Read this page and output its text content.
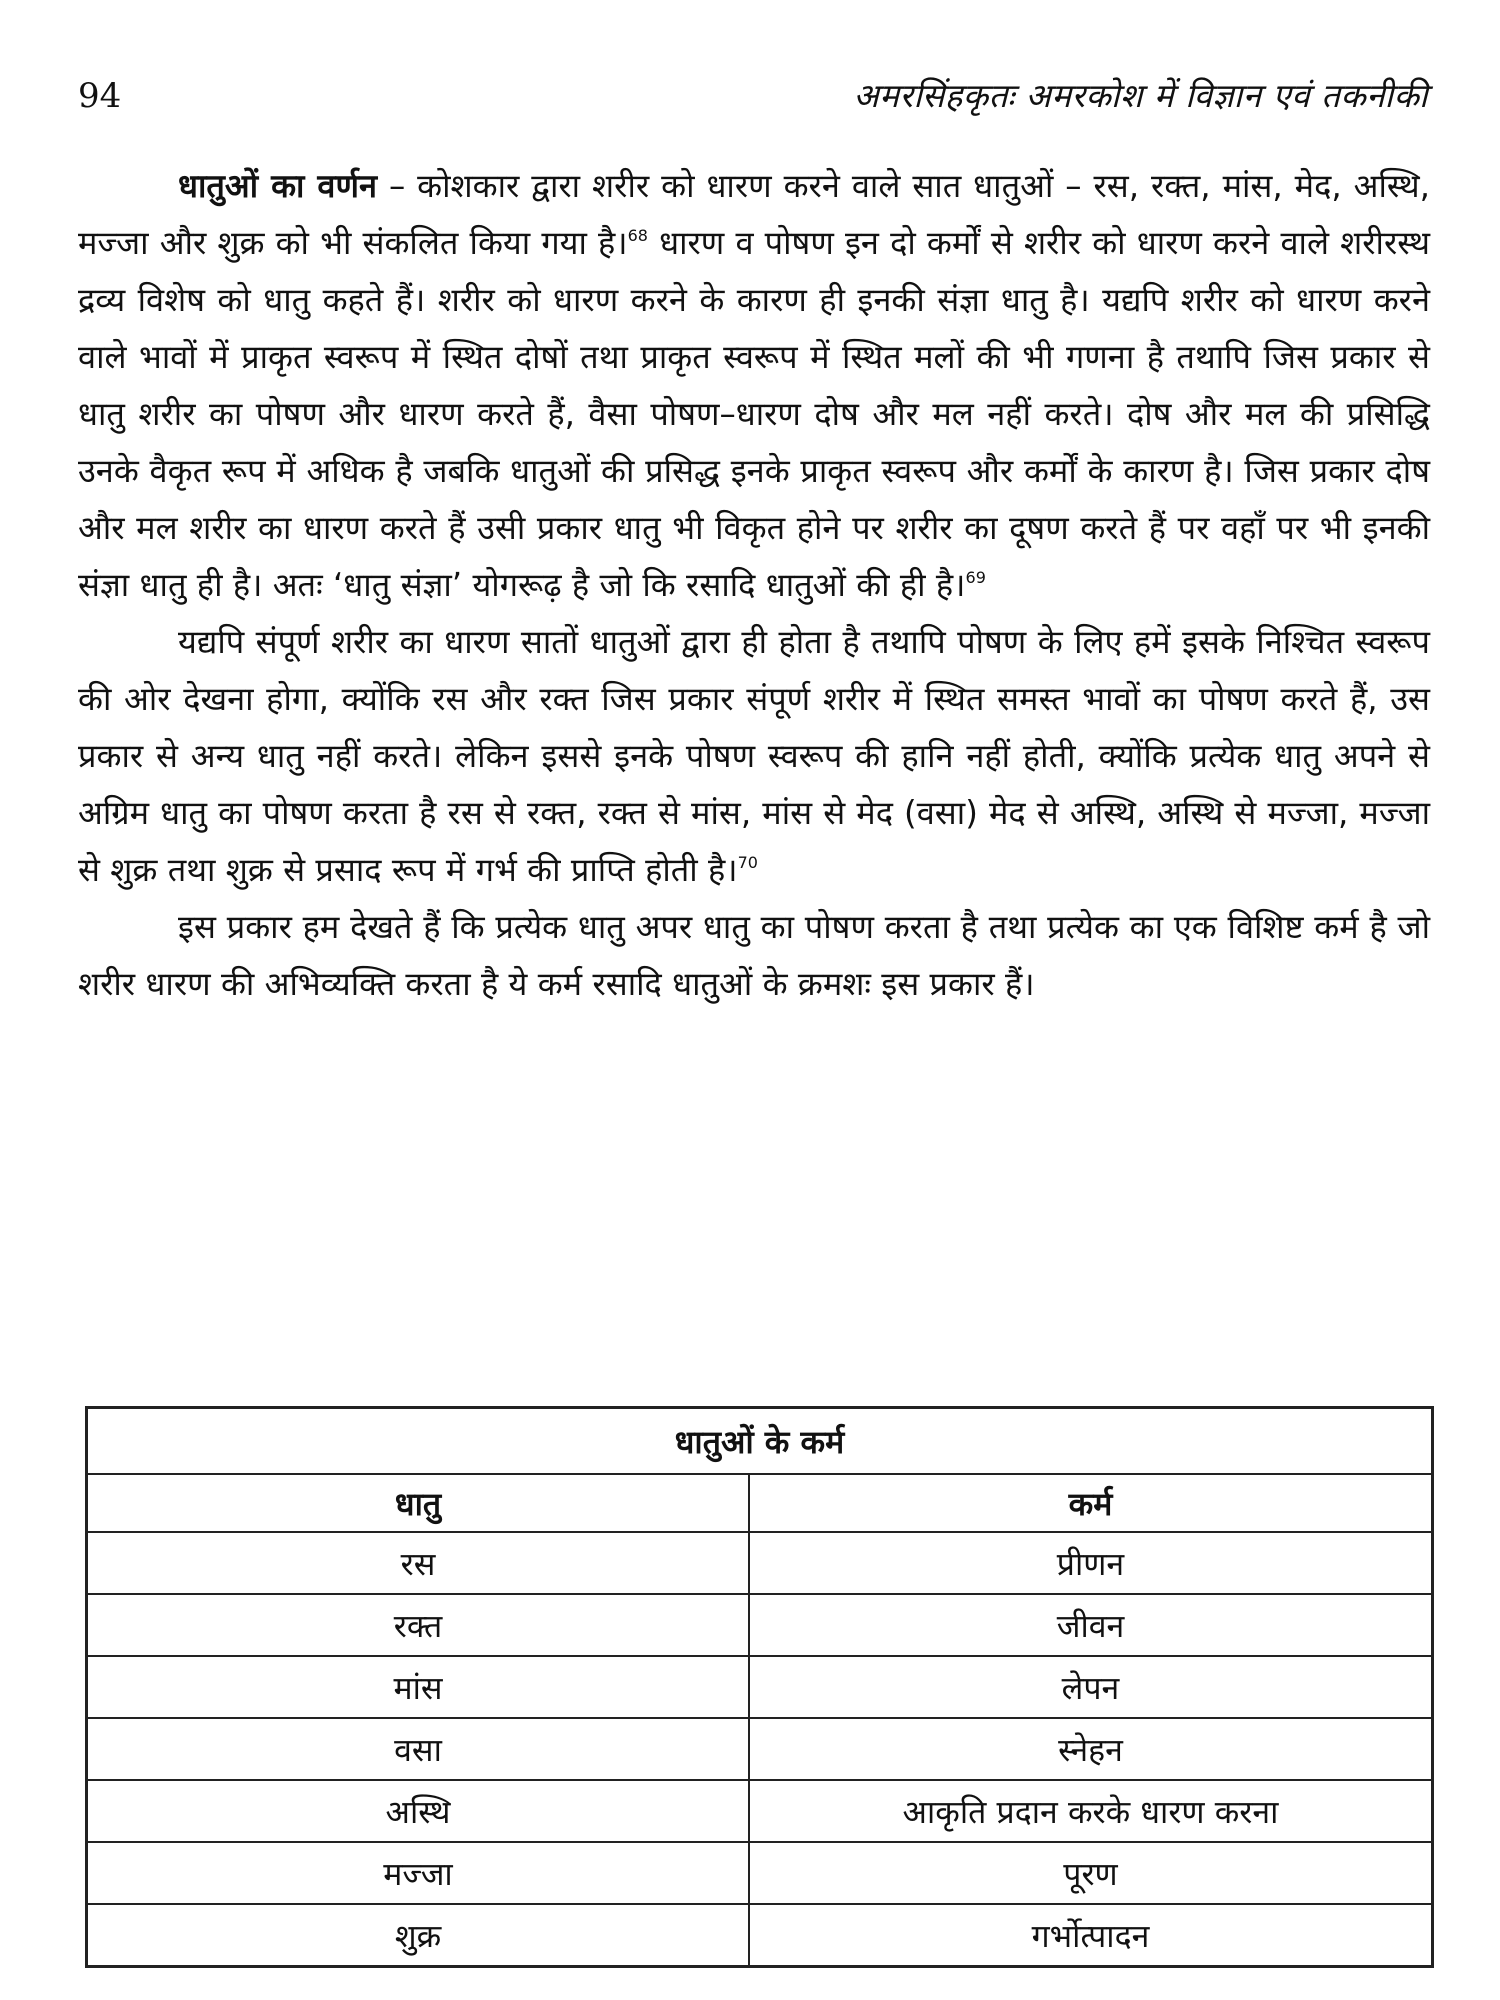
94	अमरसिंहकृतः अमरकोश में विज्ञान एवं तकनीकी

धातुओं का वर्णन – कोशकार द्वारा शरीर को धारण करने वाले सात धातुओं – रस, रक्त, मांस, मेद, अस्थि, मज्जा और शुक्र को भी संकलित किया गया है।$^{68}$ धारण व पोषण इन दो कर्मों से शरीर को धारण करने वाले शरीरस्थ द्रव्य विशेष को धातु कहते हैं। शरीर को धारण करने के कारण ही इनकी संज्ञा धातु है। यद्यपि शरीर को धारण करने वाले भावों में प्राकृत स्वरूप में स्थित दोषों तथा प्राकृत स्वरूप में स्थित मलों की भी गणना है तथापि जिस प्रकार से धातु शरीर का पोषण और धारण करते हैं, वैसा पोषण–धारण दोष और मल नहीं करते। दोष और मल की प्रसिद्धि उनके वैकृत रूप में अधिक है जबकि धातुओं की प्रसिद्ध इनके प्राकृत स्वरूप और कर्मों के कारण है। जिस प्रकार दोष और मल शरीर का धारण करते हैं उसी प्रकार धातु भी विकृत होने पर शरीर का दूषण करते हैं पर वहाँ पर भी इनकी संज्ञा धातु ही है। अतः ‘धातु संज्ञा’ योगरूढ़ है जो कि रसादि धातुओं की ही है।$^{69}$

यद्यपि संपूर्ण शरीर का धारण सातों धातुओं द्वारा ही होता है तथापि पोषण के लिए हमें इसके निश्चित स्वरूप की ओर देखना होगा, क्योंकि रस और रक्त जिस प्रकार संपूर्ण शरीर में स्थित समस्त भावों का पोषण करते हैं, उस प्रकार से अन्य धातु नहीं करते। लेकिन इससे इनके पोषण स्वरूप की हानि नहीं होती, क्योंकि प्रत्येक धातु अपने से अग्रिम धातु का पोषण करता है रस से रक्त, रक्त से मांस, मांस से मेद (वसा) मेद से अस्थि, अस्थि से मज्जा, मज्जा से शुक्र तथा शुक्र से प्रसाद रूप में गर्भ की प्राप्ति होती है।$^{70}$

इस प्रकार हम देखते हैं कि प्रत्येक धातु अपर धातु का पोषण करता है तथा प्रत्येक का एक विशिष्ट कर्म है जो शरीर धारण की अभिव्यक्ति करता है ये कर्म रसादि धातुओं के क्रमशः इस प्रकार हैं।

धातुओं के कर्म	
धातु	कर्म
रस	प्रीणन
रक्त	जीवन
मांस	लेपन
वसा	स्नेहन
अस्थि	आकृति प्रदान करके धारण करना
मज्जा	पूरण
शुक्र	गर्भोत्पादन
